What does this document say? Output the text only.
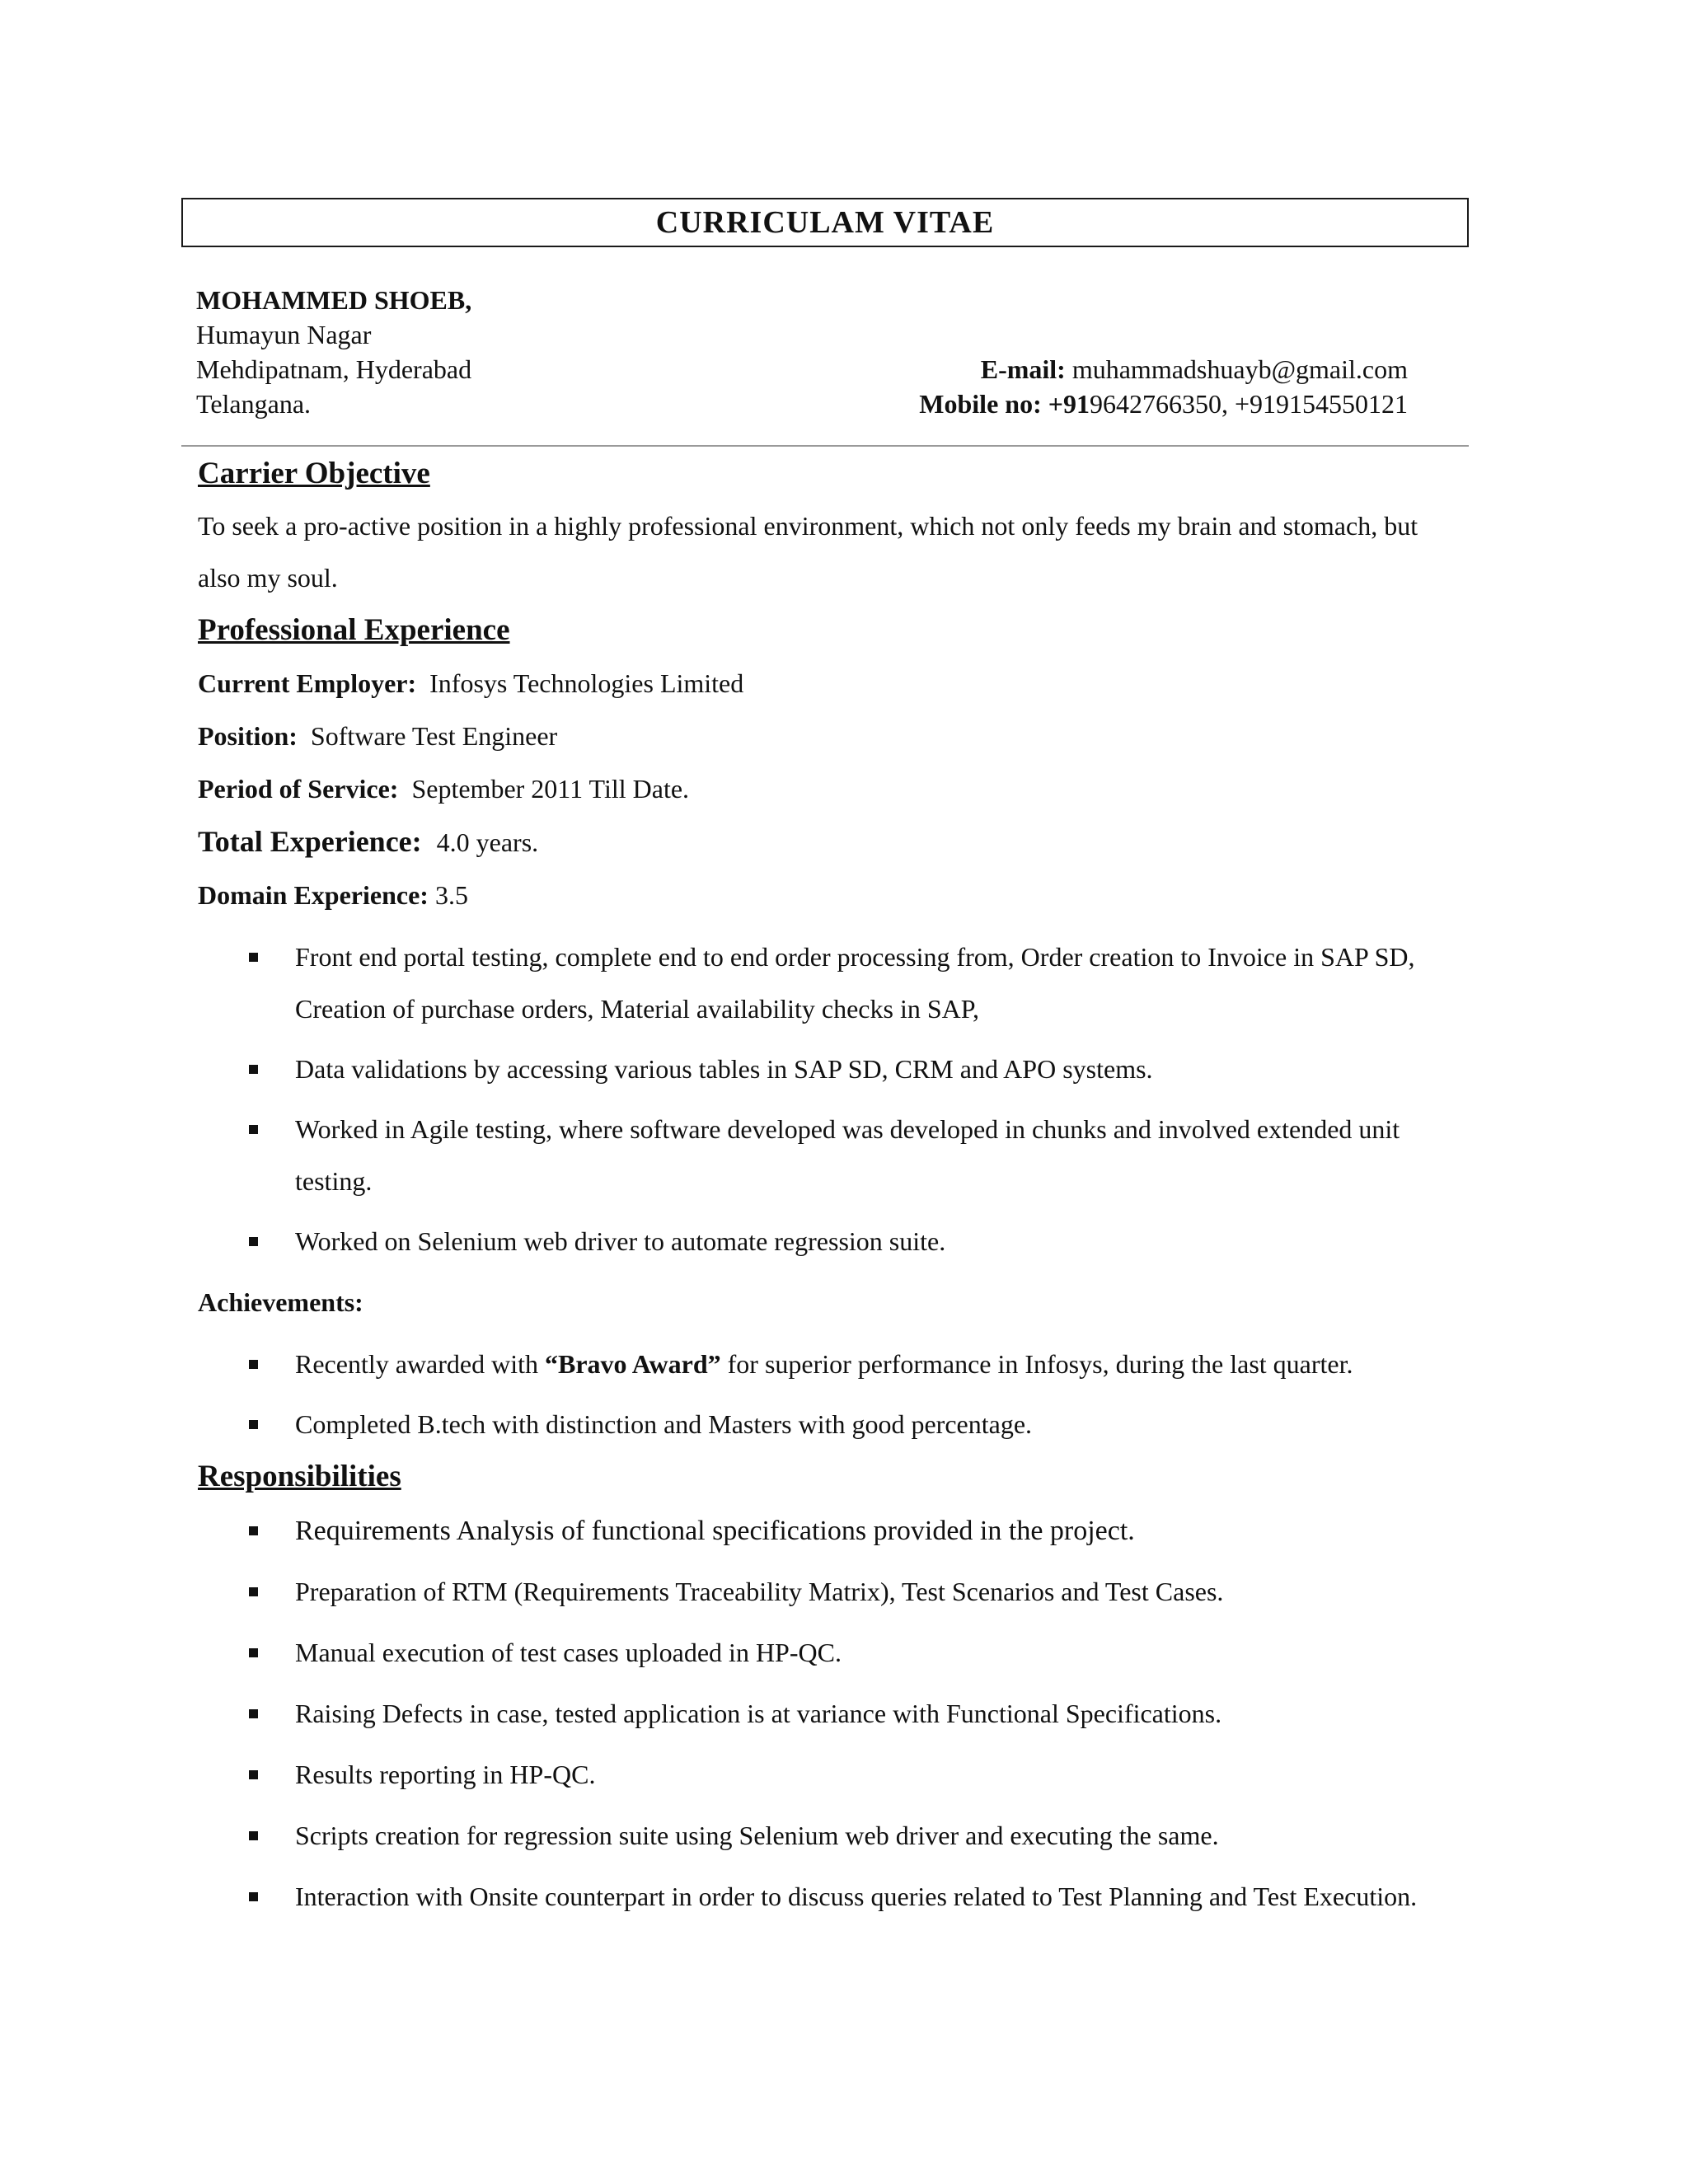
CURRICULAM VITAE
MOHAMMED SHOEB,
Humayun Nagar
Mehdipatnam, Hyderabad
Telangana.
E-mail: muhammadshuayb@gmail.com
Mobile no: +919642766350, +919154550121
Carrier Objective

To seek a pro-active position in a highly professional environment, which not only feeds my brain and stomach, but also my soul.

Professional Experience

Current Employer: Infosys Technologies Limited

Position: Software Test Engineer

Period of Service: September 2011 Till Date.

Total Experience: 4.0 years.

Domain Experience: 3.5

Front end portal testing, complete end to end order processing from, Order creation to Invoice in SAP SD, Creation of purchase orders, Material availability checks in SAP,
Data validations by accessing various tables in SAP SD, CRM and APO systems.
Worked in Agile testing, where software developed was developed in chunks and involved extended unit testing.
Worked on Selenium web driver to automate regression suite.

Achievements:

Recently awarded with “Bravo Award” for superior performance in Infosys, during the last quarter.
Completed B.tech with distinction and Masters with good percentage.
Responsibilities
Requirements Analysis of functional specifications provided in the project.
Preparation of RTM (Requirements Traceability Matrix), Test Scenarios and Test Cases.
Manual execution of test cases uploaded in HP-QC.
Raising Defects in case, tested application is at variance with Functional Specifications.
Results reporting in HP-QC.
Scripts creation for regression suite using Selenium web driver and executing the same.
Interaction with Onsite counterpart in order to discuss queries related to Test Planning and Test Execution.
